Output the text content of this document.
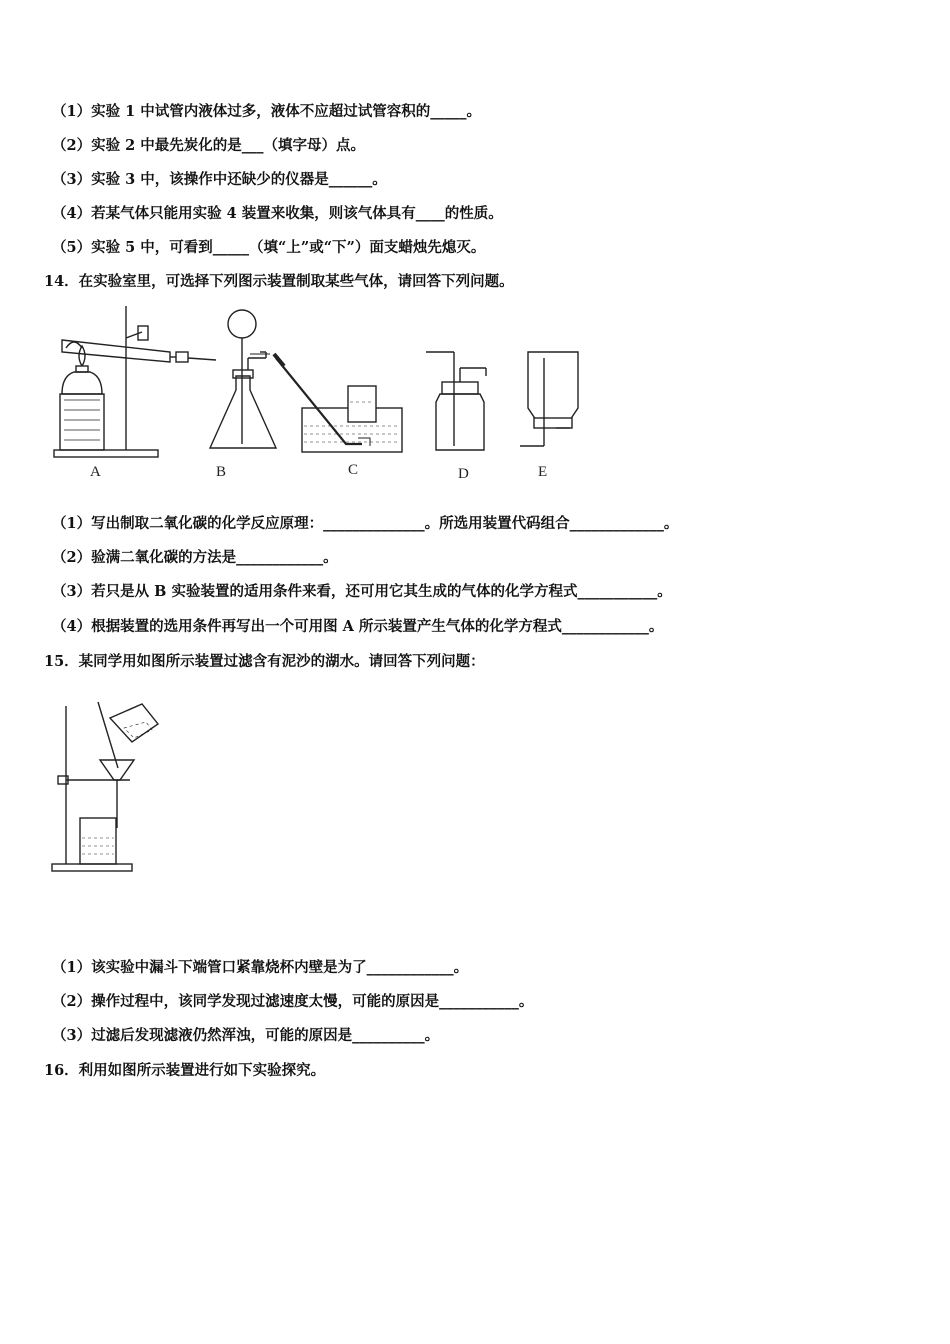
（1）实验 1 中试管内液体过多，液体不应超过试管容积的_____。
（2）实验 2 中最先炭化的是___（填字母）点。
（3）实验 3 中，该操作中还缺少的仪器是______。
（4）若某气体只能用实验 4 装置来收集，则该气体具有____的性质。
（5）实验 5 中，可看到_____（填“上”或“下”）面支蜡烛先熄灭。
14．在实验室里，可选择下列图示装置制取某些气体，请回答下列问题。
A	B	C	D	E
（1）写出制取二氧化碳的化学反应原理：______________。所选用装置代码组合_____________。
（2）验满二氧化碳的方法是____________。
（3）若只是从 B 实验装置的适用条件来看，还可用它其生成的气体的化学方程式___________。
（4）根据装置的选用条件再写出一个可用图 A 所示装置产生气体的化学方程式____________。
15．某同学用如图所示装置过滤含有泥沙的湖水。请回答下列问题：
（1）该实验中漏斗下端管口紧靠烧杯内壁是为了____________。
（2）操作过程中，该同学发现过滤速度太慢，可能的原因是___________。
（3）过滤后发现滤液仍然浑浊，可能的原因是__________。
16．利用如图所示装置进行如下实验探究。
